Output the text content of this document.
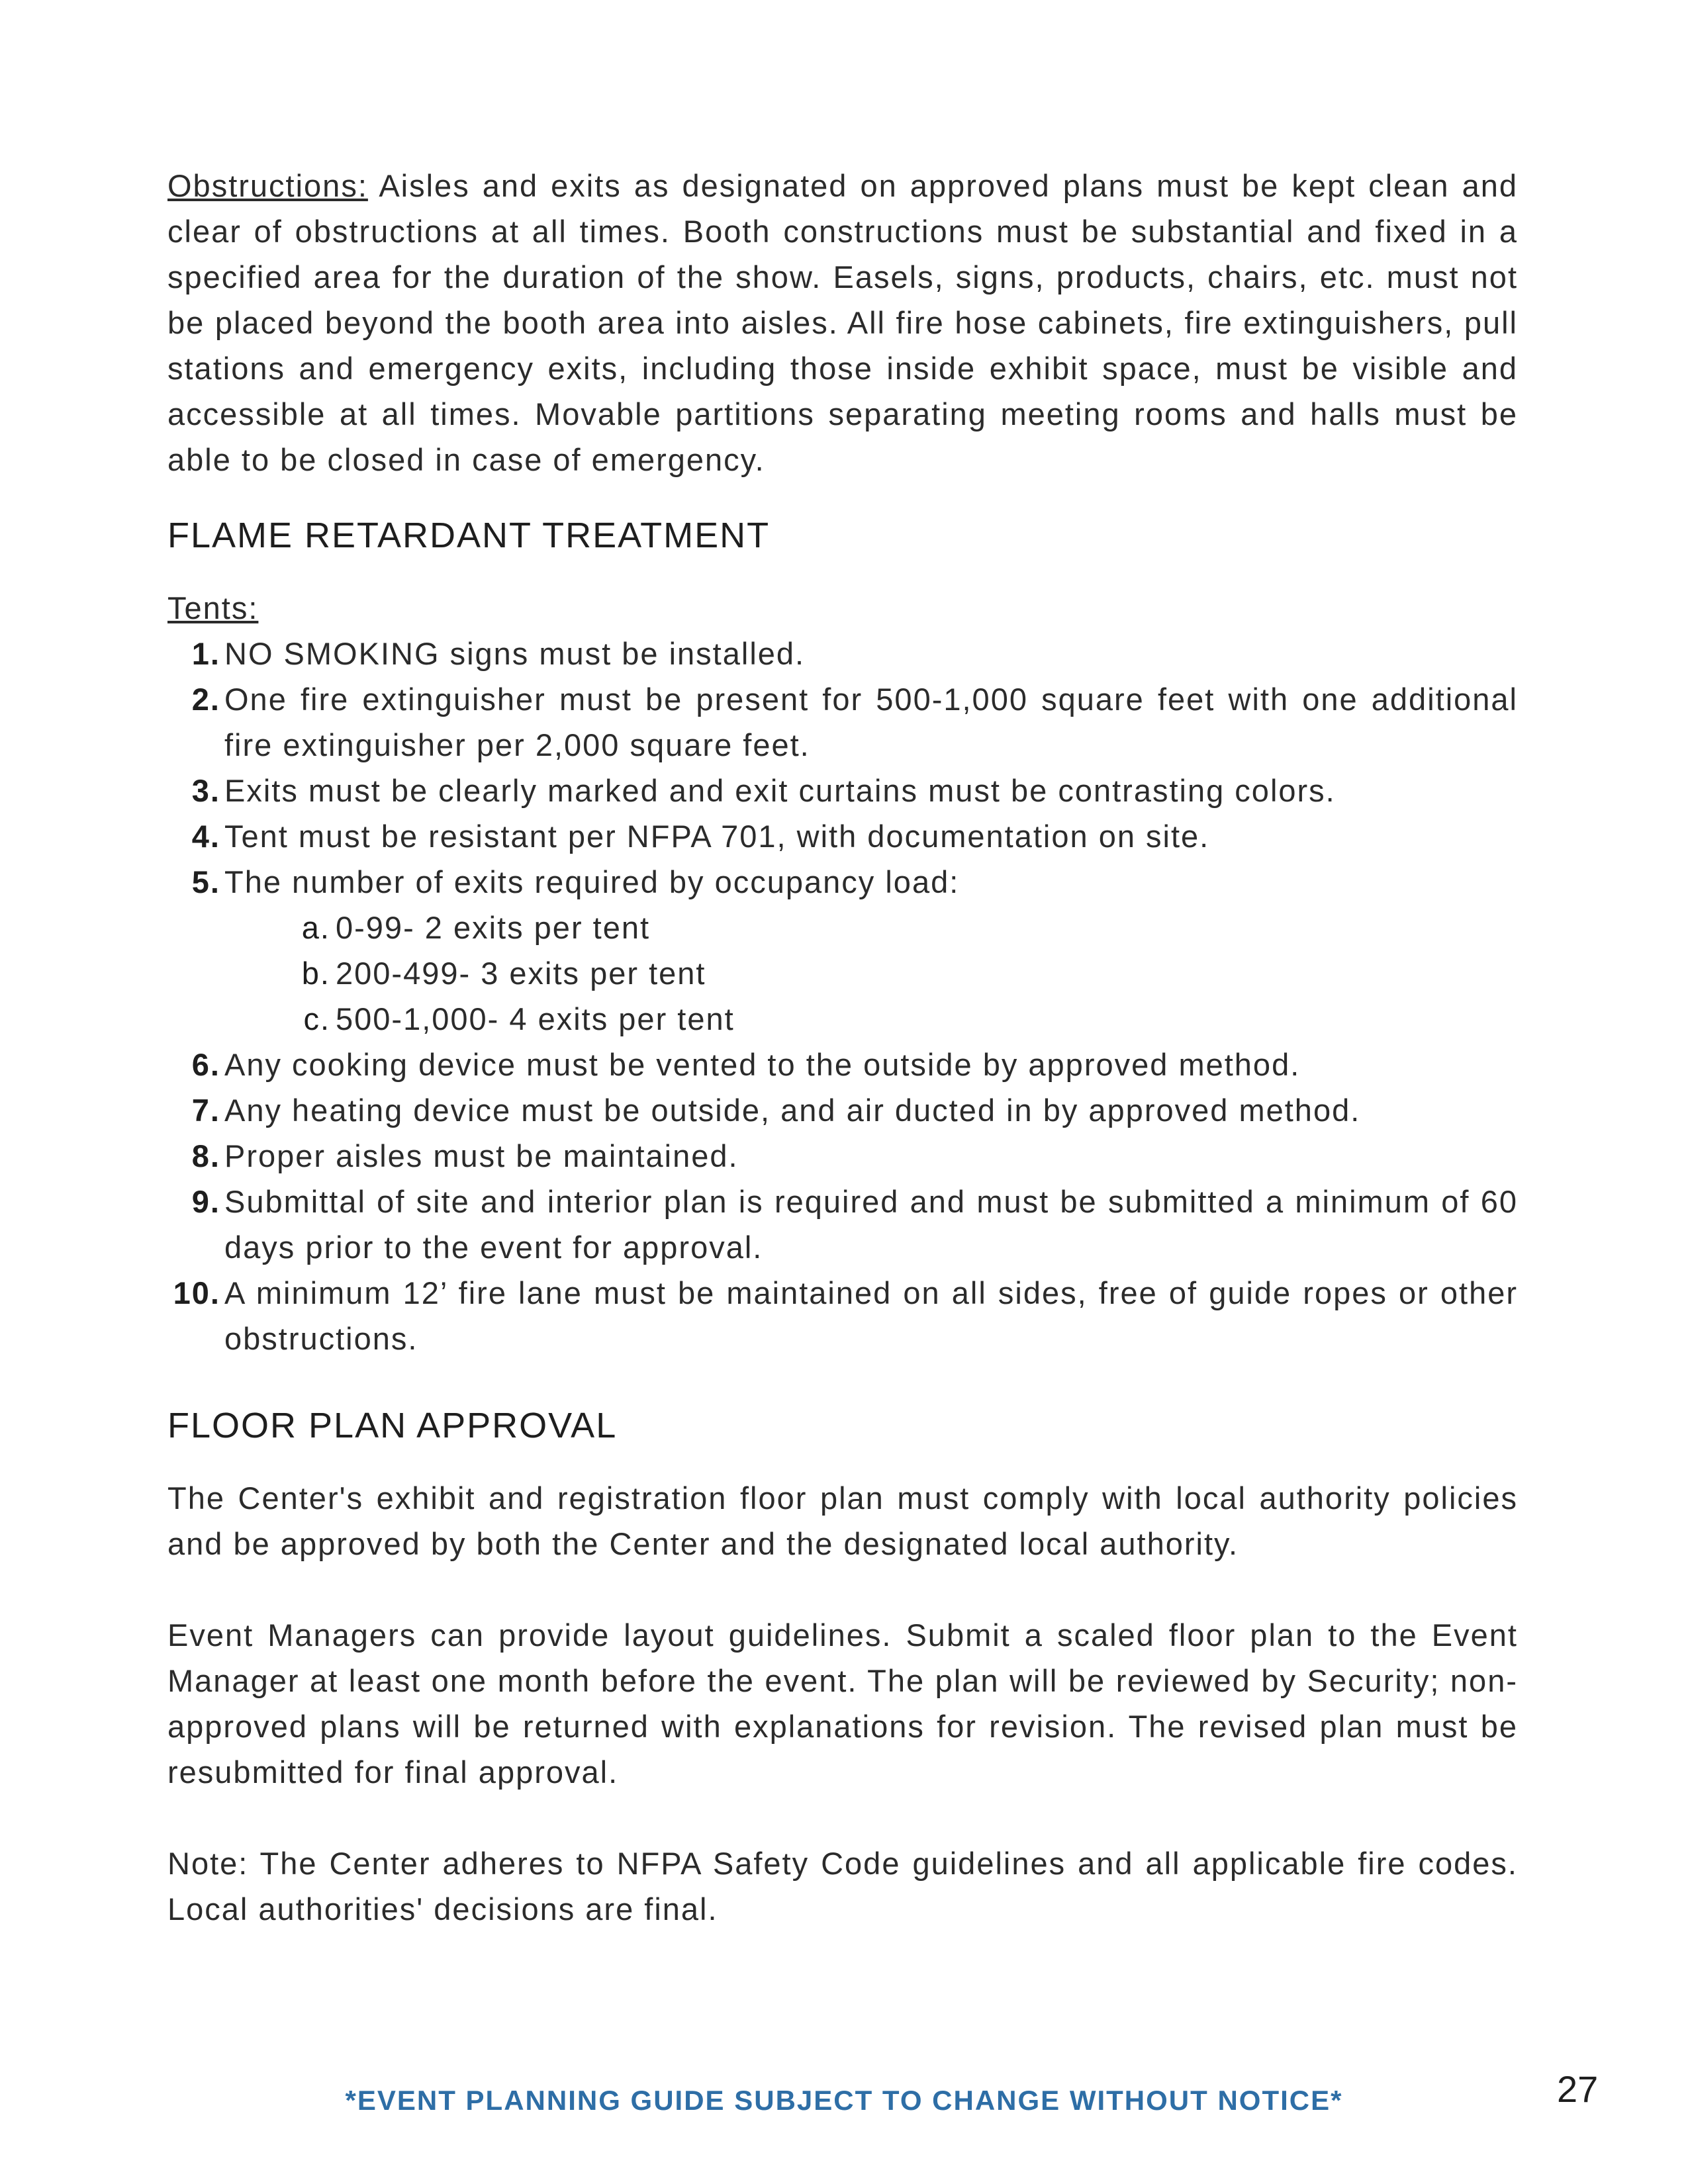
Obstructions: Aisles and exits as designated on approved plans must be kept clean and clear of obstructions at all times. Booth constructions must be substantial and fixed in a specified area for the duration of the show. Easels, signs, products, chairs, etc. must not be placed beyond the booth area into aisles. All fire hose cabinets, fire extinguishers, pull stations and emergency exits, including those inside exhibit space, must be visible and accessible at all times. Movable partitions separating meeting rooms and halls must be able to be closed in case of emergency.

FLAME RETARDANT TREATMENT

Tents:

1. NO SMOKING signs must be installed.
2. One fire extinguisher must be present for 500-1,000 square feet with one additional fire extinguisher per 2,000 square feet.
3. Exits must be clearly marked and exit curtains must be contrasting colors.
4. Tent must be resistant per NFPA 701, with documentation on site.
5. The number of exits required by occupancy load:
a. 0-99- 2 exits per tent
b. 200-499- 3 exits per tent
c. 500-1,000- 4 exits per tent
6. Any cooking device must be vented to the outside by approved method.
7. Any heating device must be outside, and air ducted in by approved method.
8. Proper aisles must be maintained.
9. Submittal of site and interior plan is required and must be submitted a minimum of 60 days prior to the event for approval.
10. A minimum 12’ fire lane must be maintained on all sides, free of guide ropes or other obstructions.
FLOOR PLAN APPROVAL

The Center's exhibit and registration floor plan must comply with local authority policies and be approved by both the Center and the designated local authority.

Event Managers can provide layout guidelines. Submit a scaled floor plan to the Event Manager at least one month before the event. The plan will be reviewed by Security; non-approved plans will be returned with explanations for revision. The revised plan must be resubmitted for final approval.

Note: The Center adheres to NFPA Safety Code guidelines and all applicable fire codes. Local authorities' decisions are final.

*EVENT PLANNING GUIDE SUBJECT TO CHANGE WITHOUT NOTICE*	27
